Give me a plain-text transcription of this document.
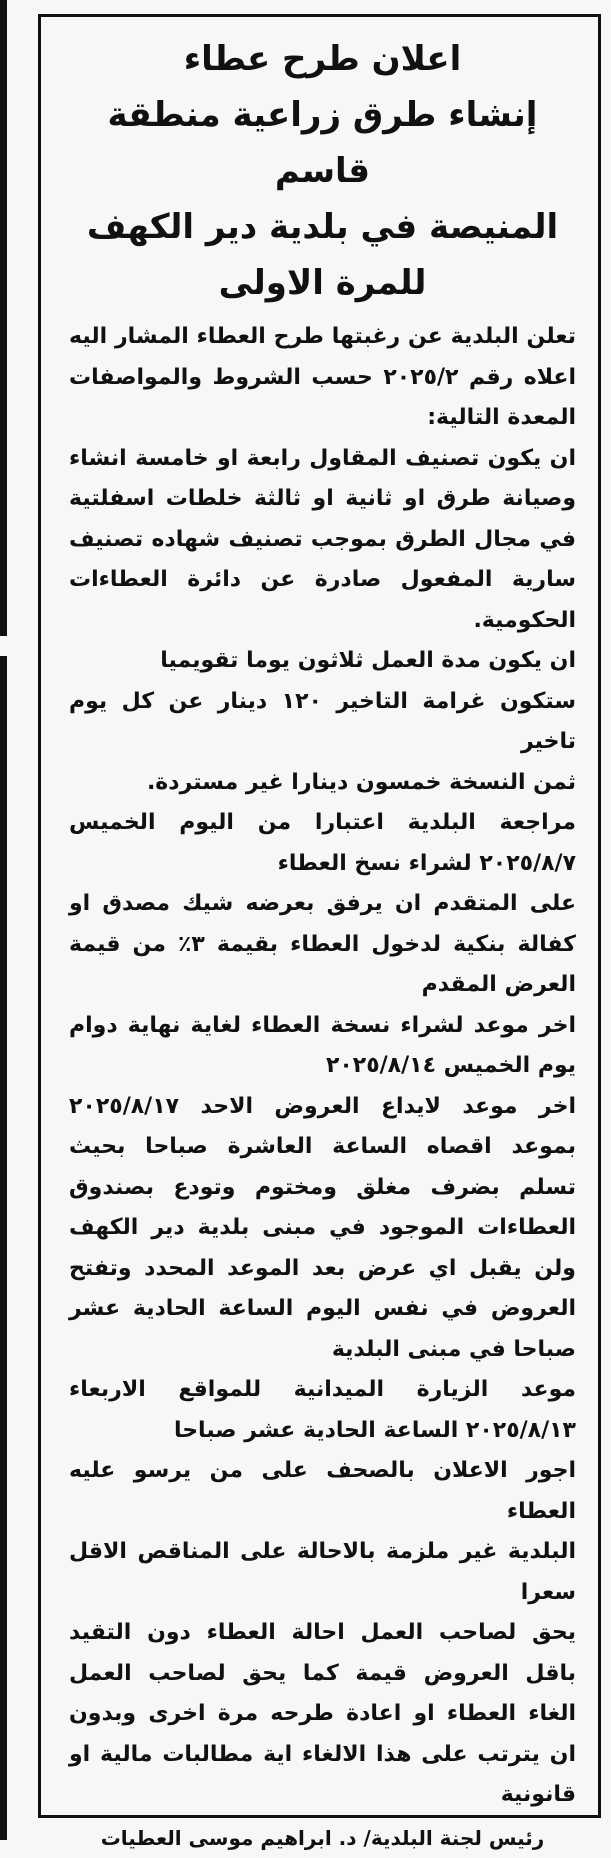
اعلان طرح عطاء
إنشاء طرق زراعية منطقة قاسم
المنيصة في بلدية دير الكهف
للمرة الاولى

تعلن البلدية عن رغبتها طرح العطاء المشار اليه اعلاه رقم ٢٠٢٥/٢ حسب الشروط والمواصفات المعدة التالية:

ان يكون تصنيف المقاول رابعة او خامسة انشاء وصيانة طرق او ثانية او ثالثة خلطات اسفلتية في مجال الطرق بموجب تصنيف شهاده تصنيف سارية المفعول صادرة عن دائرة العطاءات الحكومية.

ان يكون مدة العمل ثلاثون يوما تقويميا

ستكون غرامة التاخير ١٢٠ دينار عن كل يوم تاخير

ثمن النسخة خمسون دينارا غير مستردة.

مراجعة البلدية اعتبارا من اليوم الخميس ٢٠٢٥/٨/٧ لشراء نسخ العطاء

على المتقدم ان يرفق بعرضه شيك مصدق او كفالة بنكية لدخول العطاء بقيمة ٣٪ من قيمة العرض المقدم

اخر موعد لشراء نسخة العطاء لغاية نهاية دوام يوم الخميس ٢٠٢٥/٨/١٤

اخر موعد لايداع العروض الاحد ٢٠٢٥/٨/١٧ بموعد اقصاه الساعة العاشرة صباحا بحيث تسلم بضرف مغلق ومختوم وتودع بصندوق العطاءات الموجود في مبنى بلدية دير الكهف ولن يقبل اي عرض بعد الموعد المحدد وتفتح العروض في نفس اليوم الساعة الحادية عشر صباحا في مبنى البلدية

موعد الزيارة الميدانية للمواقع الاربعاء ٢٠٢٥/٨/١٣ الساعة الحادية عشر صباحا

اجور الاعلان بالصحف على من يرسو عليه العطاء

البلدية غير ملزمة بالاحالة على المناقص الاقل سعرا

يحق لصاحب العمل احالة العطاء دون التقيد باقل العروض قيمة كما يحق لصاحب العمل الغاء العطاء او اعادة طرحه مرة اخرى وبدون ان يترتب على هذا الالغاء اية مطالبات مالية او قانونية

رئيس لجنة البلدية/ د. ابراهيم موسى العطيات
